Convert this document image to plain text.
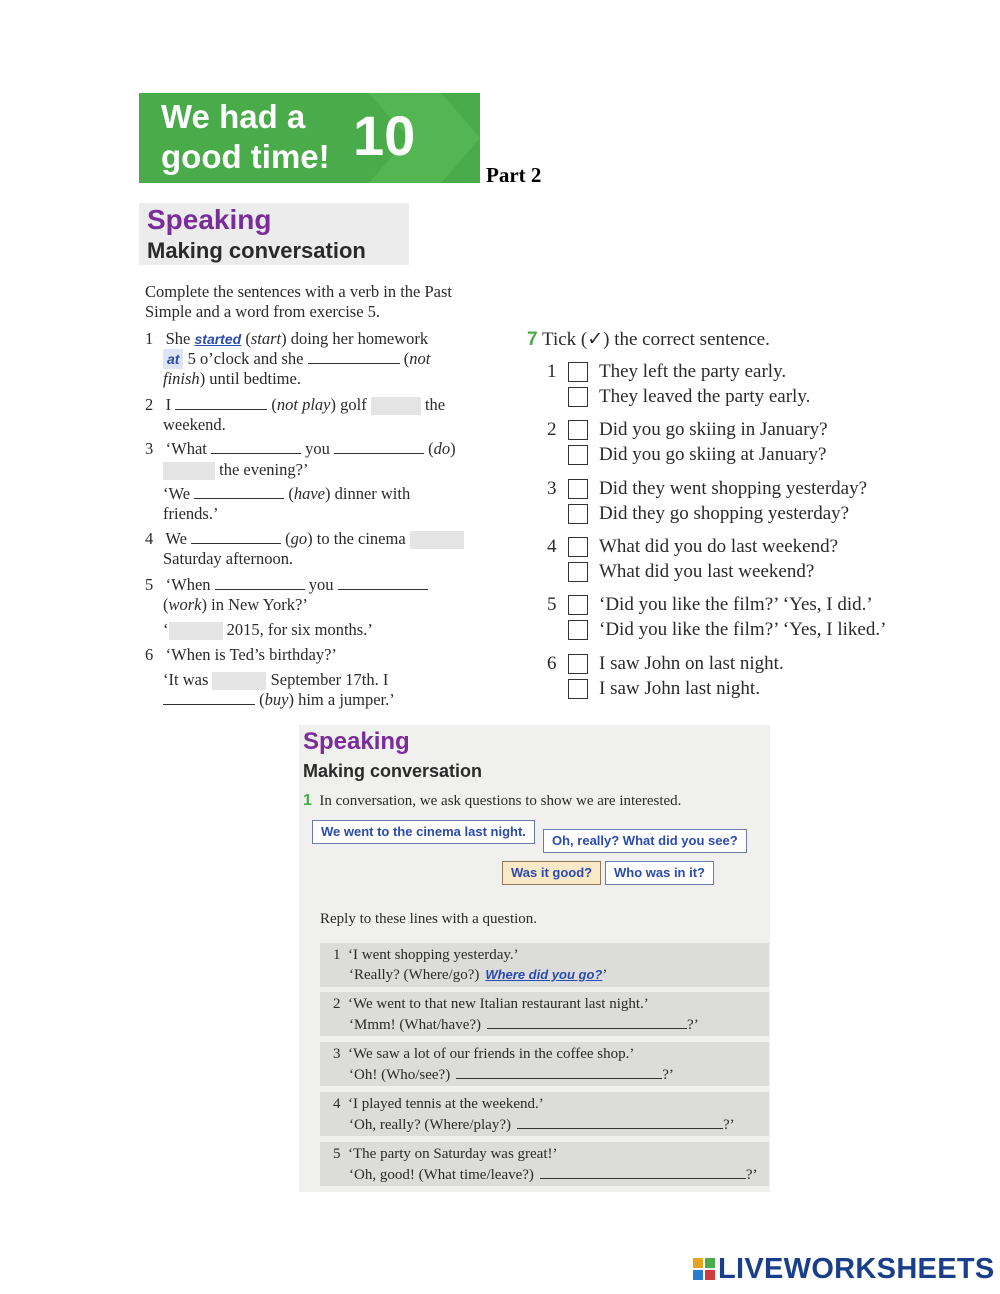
We had a
good time! 10
Part 2
Speaking
Making conversation
Complete the sentences with a verb in the Past
Simple and a word from exercise 5.
1 She started (start) doing her homework
at 5 o’clock and she	(not
finish) until bedtime.
2 I	(not play) golf	the
weekend.
3 ‘What	you	(do)
the evening?’
‘We	(have) dinner with
friends.’
4 We	(go) to the cinema
Saturday afternoon.
5 ‘When	you
(work) in New York?’
‘	2015, for six months.’
6 ‘When is Ted’s birthday?’
‘It was	September 17th. I
(buy) him a jumper.’
7 Tick (✓) the correct sentence.
1 They left the party early.
They leaved the party early.
2 Did you go skiing in January?
Did you go skiing at January?
3 Did they went shopping yesterday?
Did they go shopping yesterday?
4 What did you do last weekend?
What did you last weekend?
5 ‘Did you like the film?’ ‘Yes, I did.’
‘Did you like the film?’ ‘Yes, I liked.’
6 I saw John on last night.
I saw John last night.
Speaking
Making conversation
1 In conversation, we ask questions to show we are interested.
We went to the cinema last night.
Oh, really? What did you see?
Was it good?	Who was in it?
Reply to these lines with a question.
1 ‘I went shopping yesterday.’
‘Really? (Where/go?) Where did you go?’
2 ‘We went to that new Italian restaurant last night.’
‘Mmm! (What/have?)	?’
3 ‘We saw a lot of our friends in the coffee shop.’
‘Oh! (Who/see?)	?’
4 ‘I played tennis at the weekend.’
‘Oh, really? (Where/play?)	?’
5 ‘The party on Saturday was great!’
‘Oh, good! (What time/leave?)	?’
LIVEWORKSHEETS
